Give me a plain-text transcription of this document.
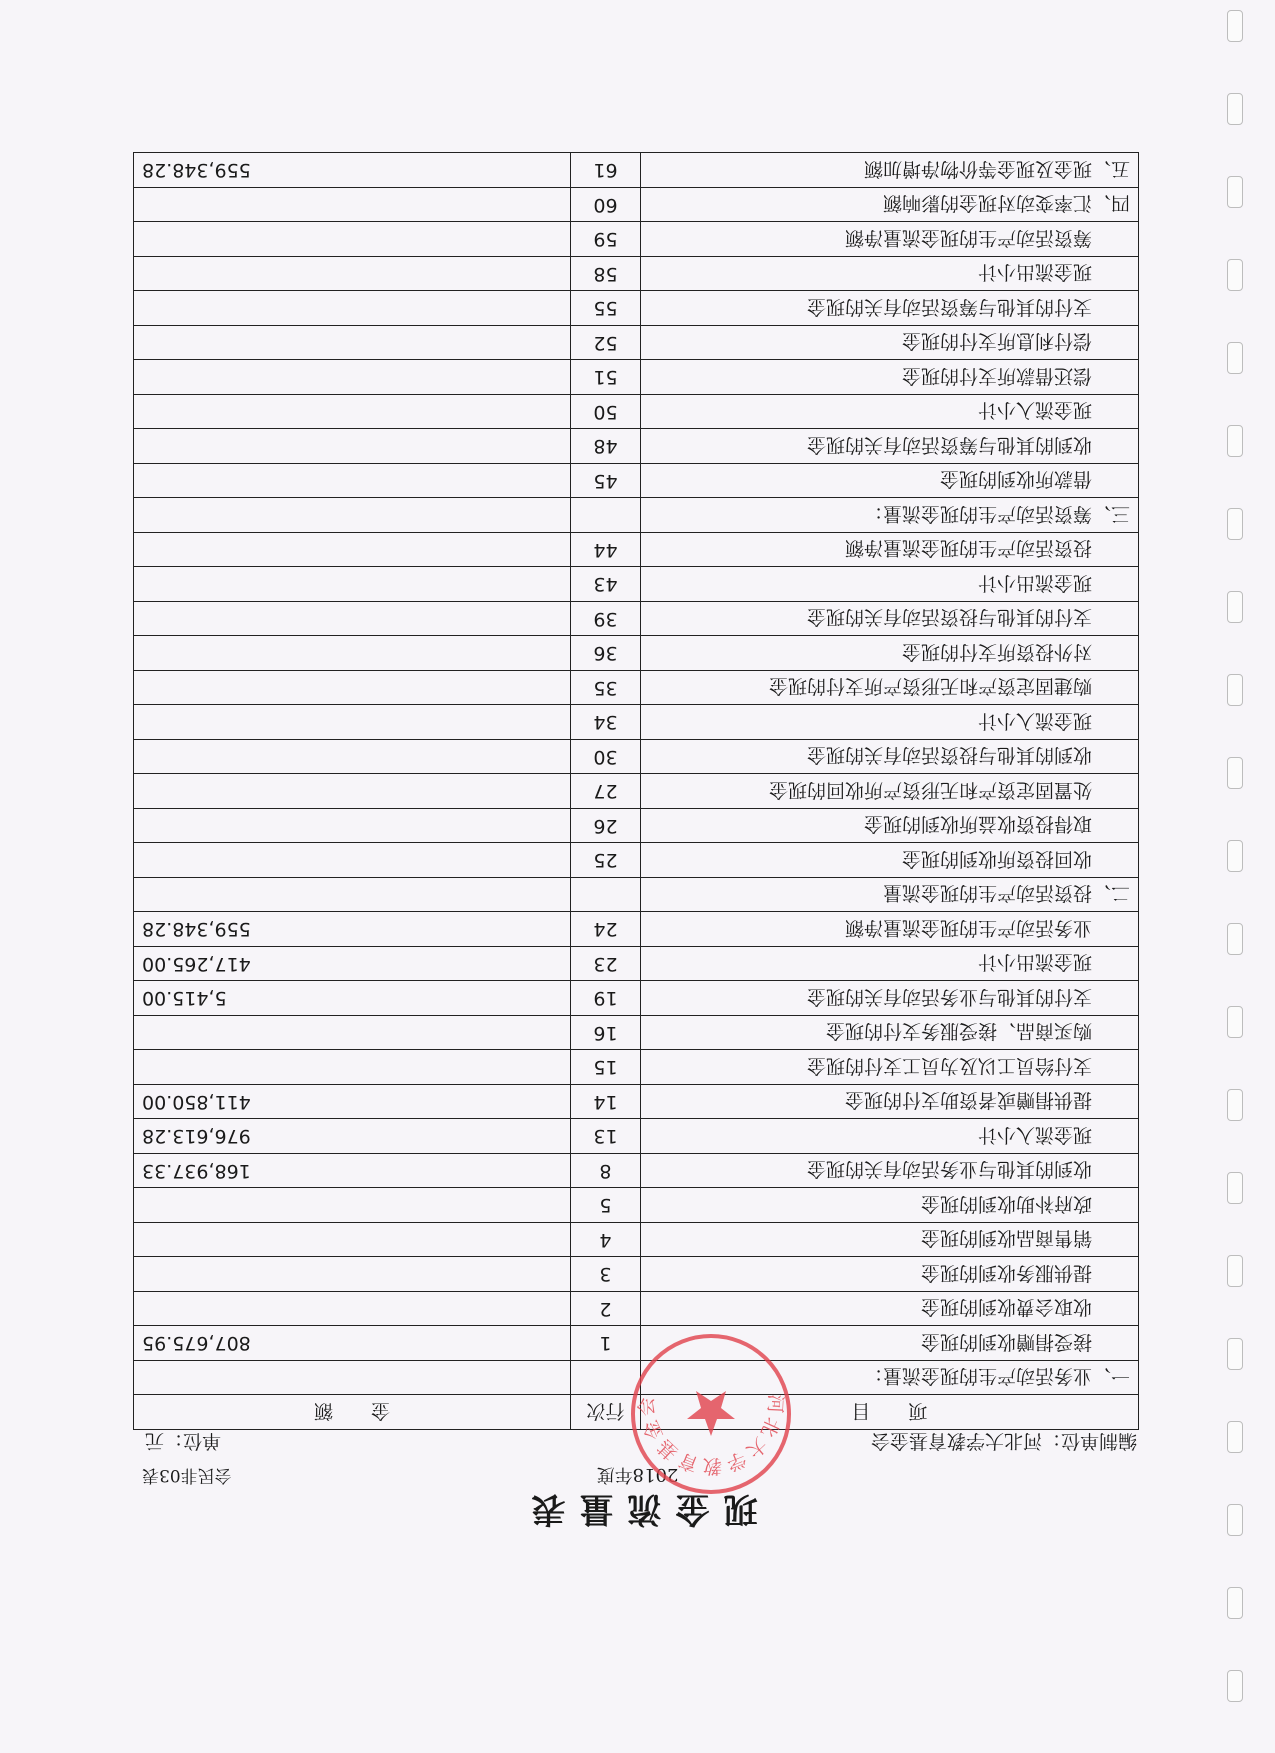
现金流量表
会民非03表	2018年度
编制单位：河北大学教育基金会
单位：元
项　　目	行次	金　　额
一、业务活动产生的现金流量：		
接受捐赠收到的现金	1	807,675.95
收取会费收到的现金	2	
提供服务收到的现金	3	
销售商品收到的现金	4	
政府补助收到的现金	5	
收到的其他与业务活动有关的现金	8	168,937.33
现金流入小计	13	976,613.28
提供捐赠或者资助支付的现金	14	411,850.00
支付给员工以及为员工支付的现金	15	
购买商品、接受服务支付的现金	16	
支付的其他与业务活动有关的现金	19	5,415.00
现金流出小计	23	417,265.00
业务活动产生的现金流量净额	24	559,348.28
二、投资活动产生的现金流量		
收回投资所收到的现金	25	
取得投资收益所收到的现金	26	
处置固定资产和无形资产所收回的现金	27	
收到的其他与投资活动有关的现金	30	
现金流入小计	34	
购建固定资产和无形资产所支付的现金	35	
对外投资所支付的现金	36	
支付的其他与投资活动有关的现金	39	
现金流出小计	43	
投资活动产生的现金流量净额	44	
三、筹资活动产生的现金流量：		
借款所收到的现金	45	
收到的其他与筹资活动有关的现金	48	
现金流入小计	50	
偿还借款所支付的现金	51	
偿付利息所支付的现金	52	
支付的其他与筹资活动有关的现金	55	
现金流出小计	58	
筹资活动产生的现金流量净额	59	
四、汇率变动对现金的影响额	60	
五、现金及现金等价物净增加额	61	559,348.28
河北大学教育基金会
